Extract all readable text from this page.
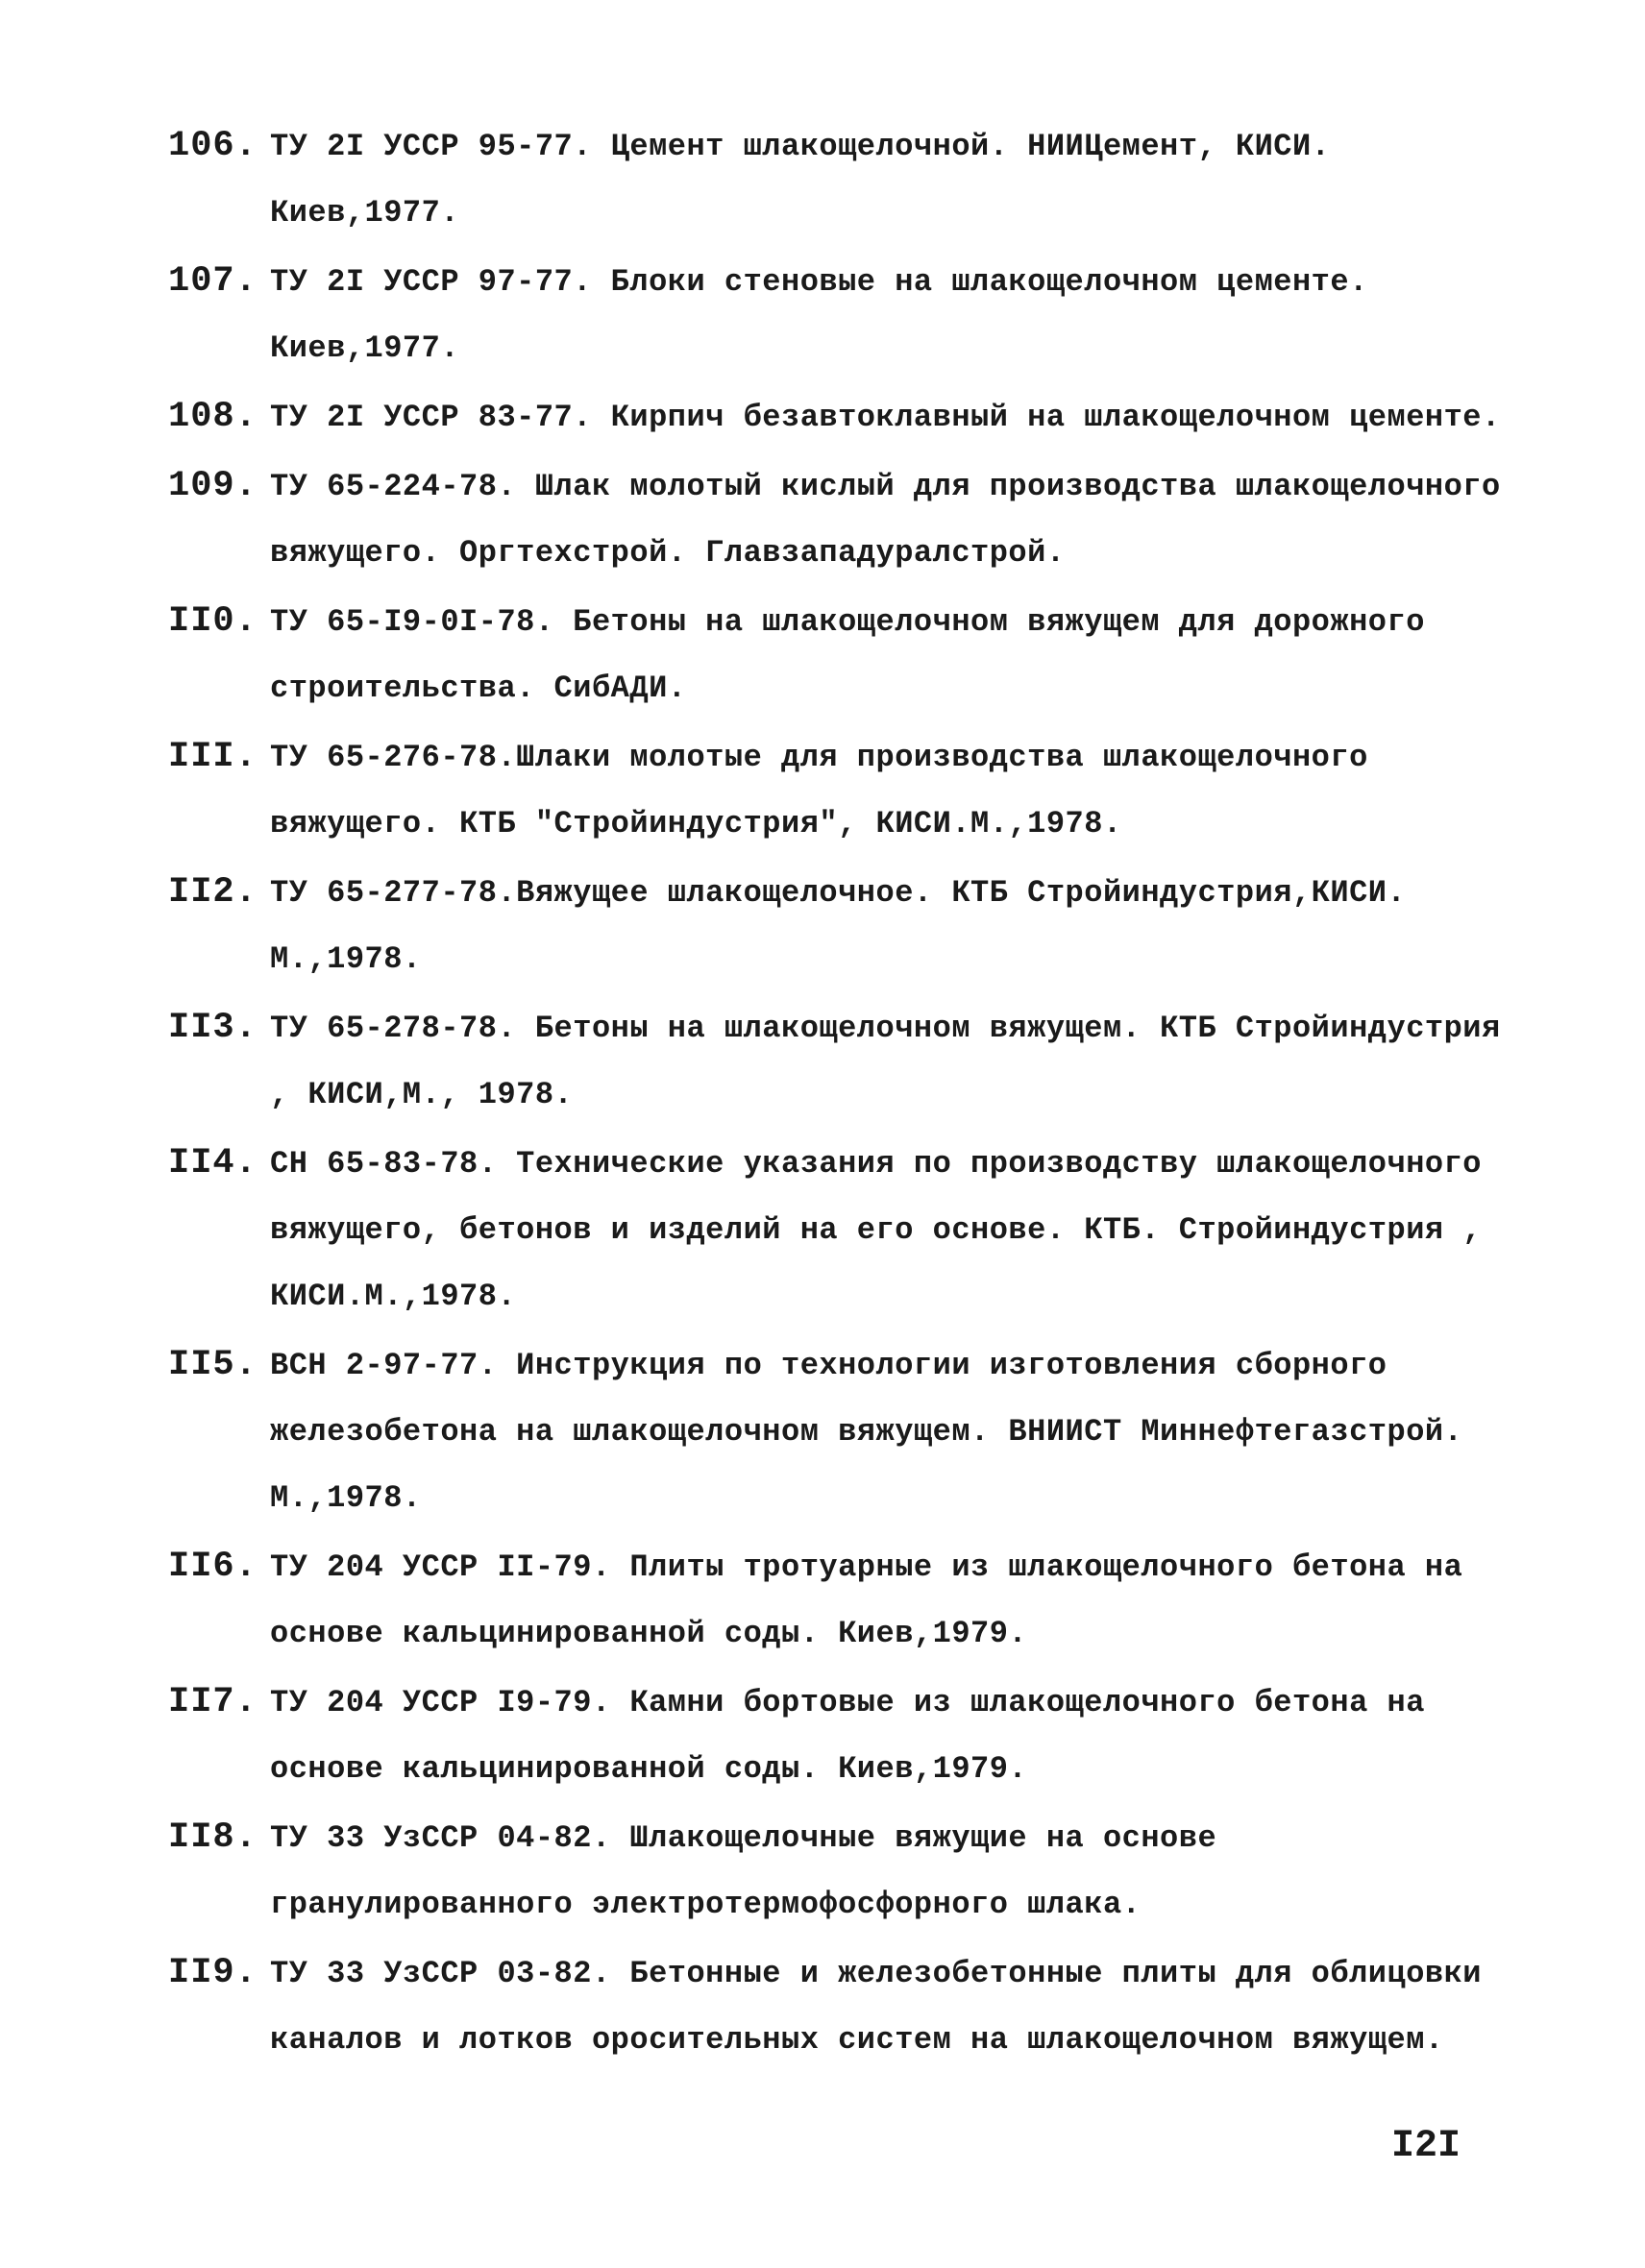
106. ТУ 2I УССР 95-77. Цемент шлакощелочной. НИИЦемент, КИСИ. Киев,1977.
107. ТУ 2I УССР 97-77. Блоки стеновые на шлакощелочном цементе. Киев,1977.
108. ТУ 2I УССР 83-77. Кирпич безавтоклавный на шлакощелочном цементе.
109. ТУ 65-224-78. Шлак молотый кислый для производства шлакощелочного вяжущего. Оргтехстрой. Главзападуралстрой.
II0. ТУ 65-I9-0I-78. Бетоны на шлакощелочном вяжущем для дорожного строительства. СибАДИ.
III. ТУ 65-276-78.Шлаки молотые для производства шлакощелочного вяжущего. КТБ "Стройиндустрия", КИСИ.М.,1978.
II2. ТУ 65-277-78.Вяжущее шлакощелочное. КТБ Стройиндустрия,КИСИ. М.,1978.
II3. ТУ 65-278-78. Бетоны на шлакощелочном вяжущем. КТБ Стройиндустрия , КИСИ,М., 1978.
II4. СН 65-83-78. Технические указания по производству шлакощелочного вяжущего, бетонов и изделий на его основе. КТБ. Стройиндустрия , КИСИ.М.,1978.
II5. ВСН 2-97-77. Инструкция по технологии изготовления сборного железобетона на шлакощелочном вяжущем. ВНИИСТ Миннефтегазстрой. М.,1978.
II6. ТУ 204 УССР II-79. Плиты тротуарные из шлакощелочного бетона на основе кальцинированной соды. Киев,1979.
II7. ТУ 204 УССР I9-79. Камни бортовые из шлакощелочного бетона на основе кальцинированной соды. Киев,1979.
II8. ТУ 33 УзССР 04-82. Шлакощелочные вяжущие на основе гранулированного электротермофосфорного шлака.
II9. ТУ 33 УзССР 03-82. Бетонные и железобетонные плиты для облицовки каналов и лотков оросительных систем на шлакощелочном вяжущем.
I2I
